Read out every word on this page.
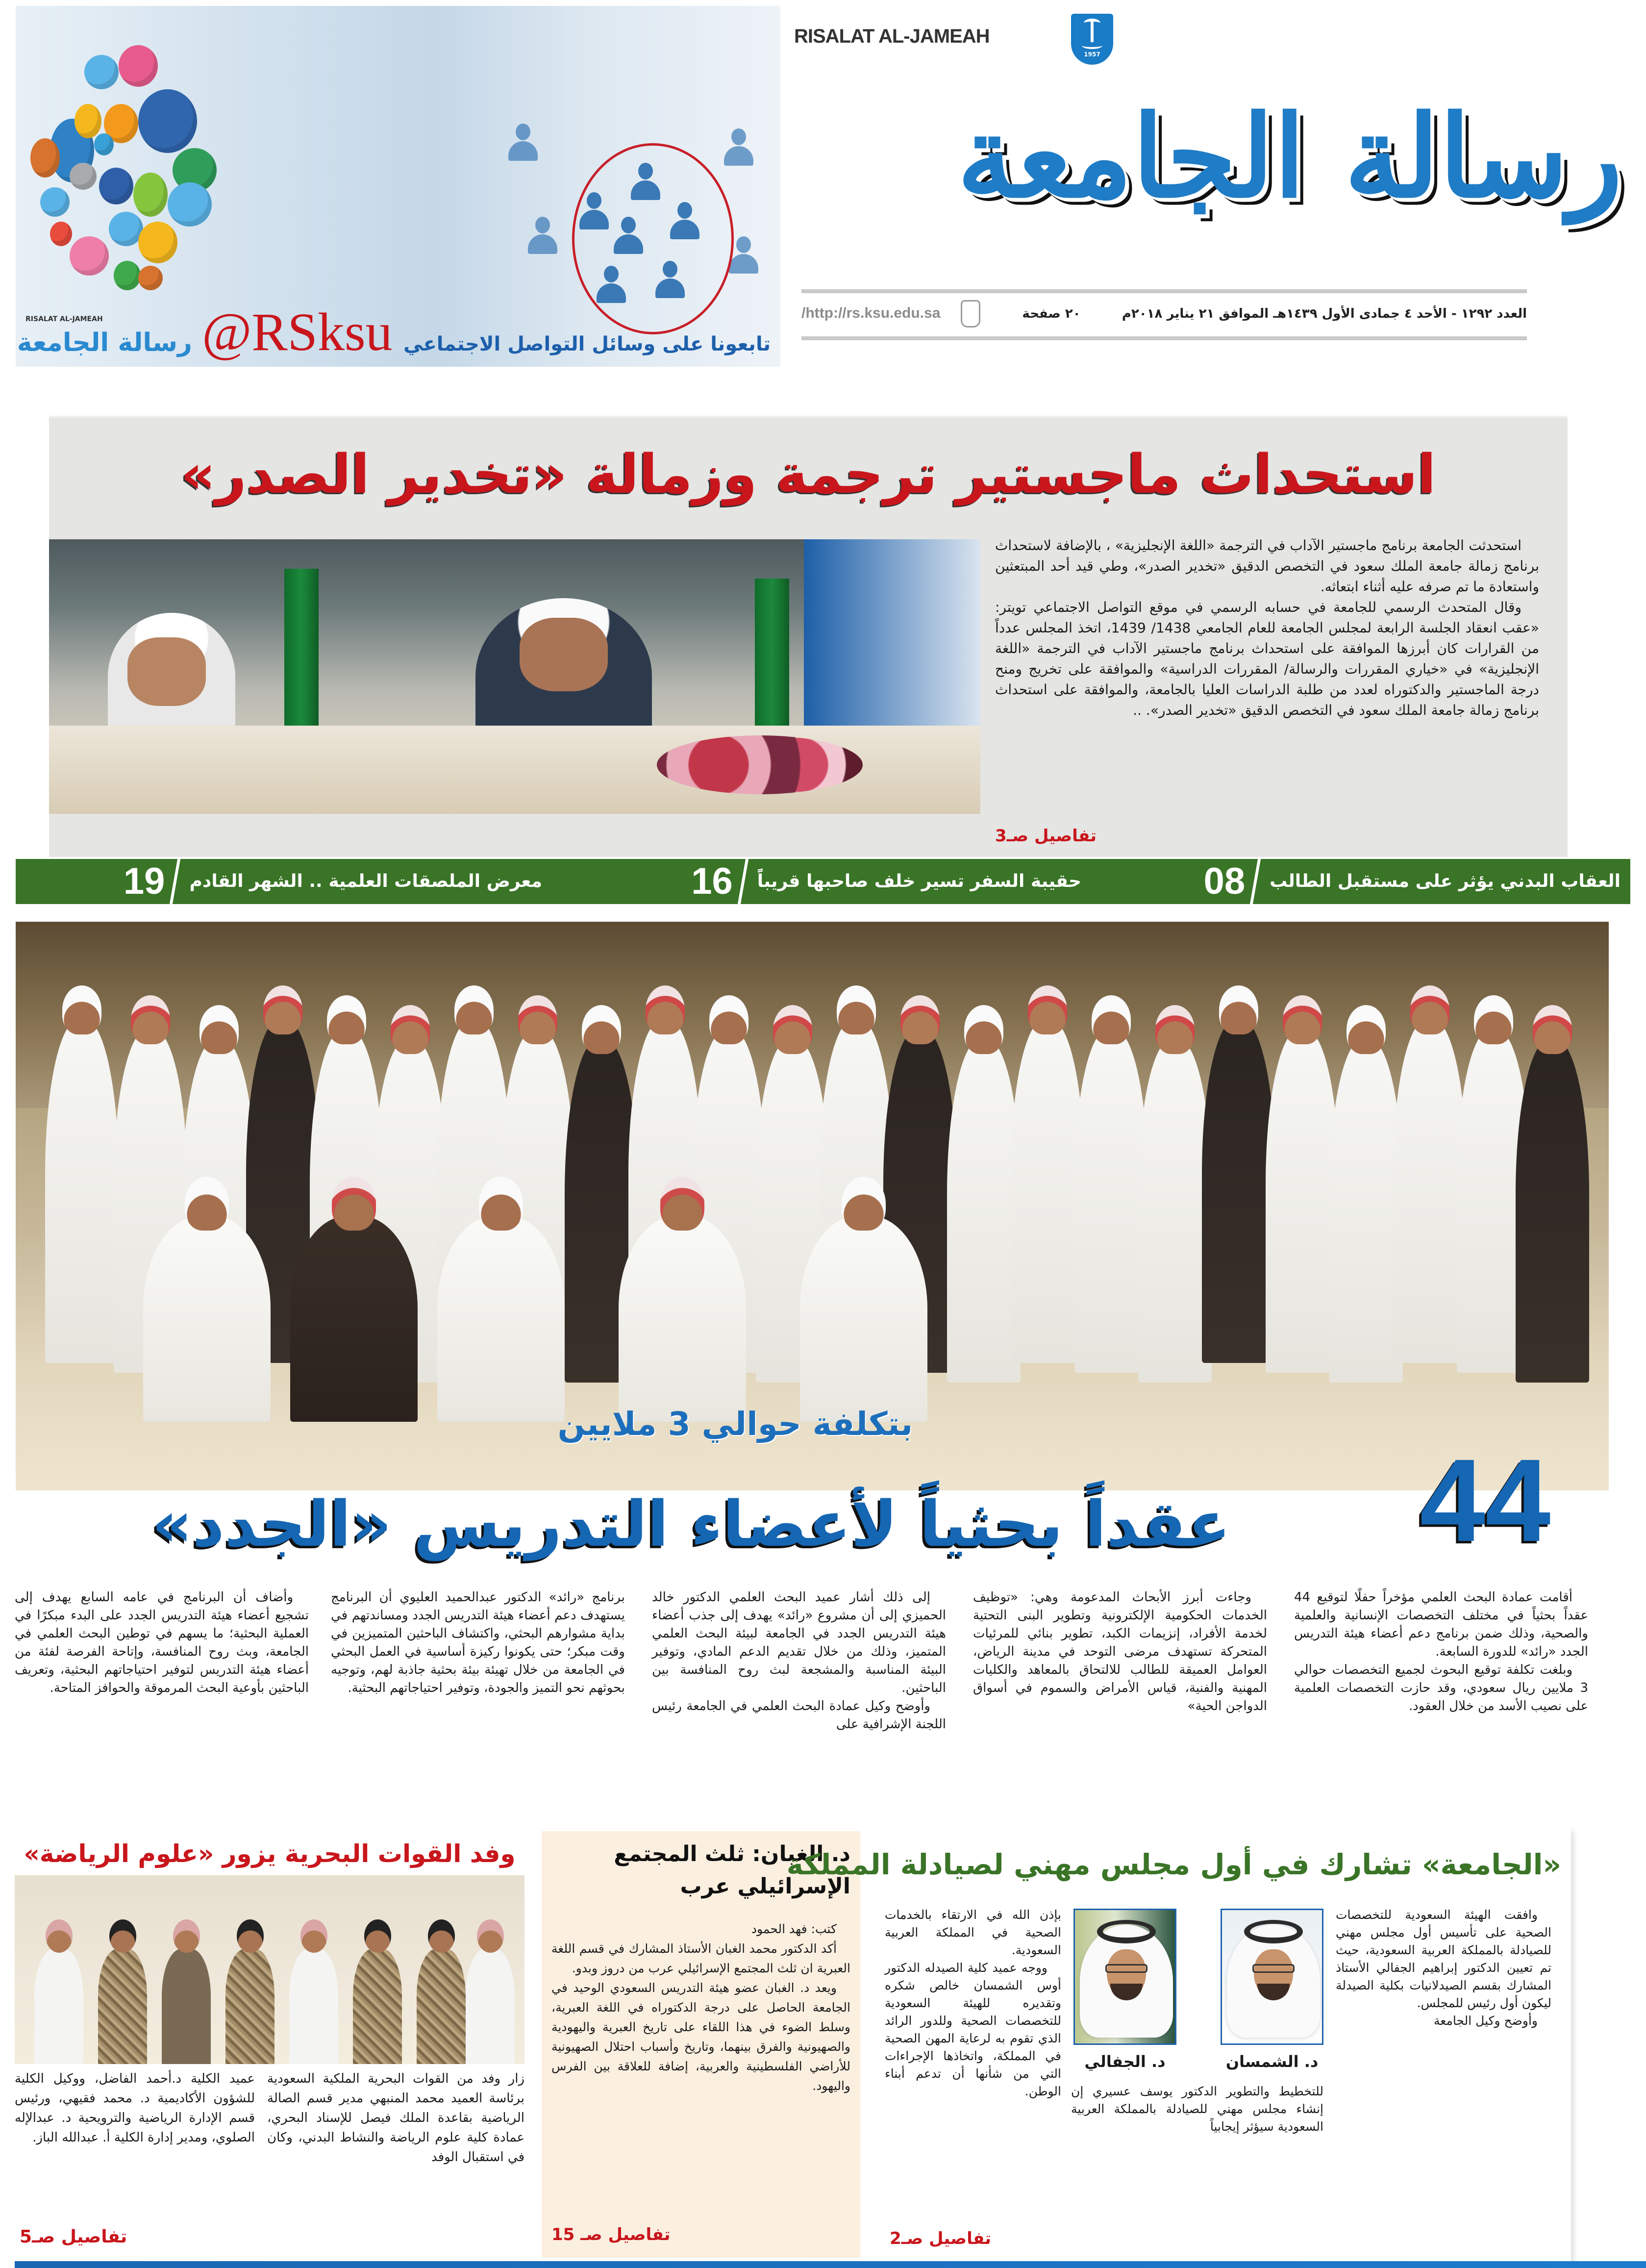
RISALAT AL-JAMEAH
رسالة الجامعة @RSksu تابعونا على وسائل التواصل الاجتماعي
RISALAT AL-JAMEAH
1957
رسالة الجامعة
العدد ١٢٩٢ - الأحد ٤ جمادى الأول ١٤٣٩هـ الموافق ٢١ يناير ٢٠١٨م
٢٠ صفحة
/http://rs.ksu.edu.sa
استحداث ماجستير ترجمة وزمالة «تخدير الصدر»

استحدثت الجامعة برنامج ماجستير الآداب في الترجمة «اللغة الإنجليزية» ، بالإضافة لاستحداث برنامج زمالة جامعة الملك سعود في التخصص الدقيق «تخدير الصدر»، وطي قيد أحد المبتعثين واستعادة ما تم صرفه عليه أثناء ابتعاثه.

وقال المتحدث الرسمي للجامعة في حسابه الرسمي في موقع التواصل الاجتماعي تويتر: «عقب انعقاد الجلسة الرابعة لمجلس الجامعة للعام الجامعي 1438/ 1439، اتخذ المجلس عدداً من القرارات كان أبرزها الموافقة على استحداث برنامج ماجستير الآداب في الترجمة «اللغة الإنجليزية» في «خياري المقررات والرسالة/ المقررات الدراسية» والموافقة على تخريج ومنح درجة الماجستير والدكتوراه لعدد من طلبة الدراسات العليا بالجامعة، والموافقة على استحداث برنامج زمالة جامعة الملك سعود في التخصص الدقيق «تخدير الصدر». ..

تفاصيل صـ3
العقاب البدني يؤثر على مستقبل الطالب
08
حقيبة السفر تسير خلف صاحبها قريباً
16
معرض الملصقات العلمية .. الشهر القادم
19
بتكلفة حوالي 3 ملايين
44
عقداً بحثياً لأعضاء التدريس «الجدد»

أقامت عمادة البحث العلمي مؤخراً حفلًا لتوقيع 44 عقداً بحثياً في مختلف التخصصات الإنسانية والعلمية والصحية، وذلك ضمن برنامج دعم أعضاء هيئة التدريس الجدد «رائد» للدورة السابعة.

وبلغت تكلفة توقيع البحوث لجميع التخصصات حوالي 3 ملايين ريال سعودي، وقد حازت التخصصات العلمية على نصيب الأسد من خلال العقود.

وجاءت أبرز الأبحاث المدعومة وهي: «توظيف الخدمات الحكومية الإلكترونية وتطوير البنى التحتية لخدمة الأفراد، إنزيمات الكبد، تطوير بنائي للمرئيات المتحركة تستهدف مرضى التوحد في مدينة الرياض، العوامل العميقة للطالب للالتحاق بالمعاهد والكليات المهنية والفنية، قياس الأمراض والسموم في أسواق الدواجن الحية»

إلى ذلك أشار عميد البحث العلمي الدكتور خالد الحميزي إلى أن مشروع «رائد» يهدف إلى جذب أعضاء هيئة التدريس الجدد في الجامعة لبيئة البحث العلمي المتميز، وذلك من خلال تقديم الدعم المادي، وتوفير البيئة المناسبة والمشجعة لبث روح المنافسة بين الباحثين.

وأوضح وكيل عمادة البحث العلمي في الجامعة رئيس اللجنة الإشرافية على

برنامج «رائد» الدكتور عبدالحميد العليوي أن البرنامج يستهدف دعم أعضاء هيئة التدريس الجدد ومساندتهم في بداية مشوارهم البحثي، واكتشاف الباحثين المتميزين في وقت مبكر؛ حتى يكونوا ركيزة أساسية في العمل البحثي في الجامعة من خلال تهيئة بيئة بحثية جاذبة لهم، وتوجيه بحوثهم نحو التميز والجودة، وتوفير احتياجاتهم البحثية.

وأضاف أن البرنامج في عامه السابع يهدف إلى تشجيع أعضاء هيئة التدريس الجدد على البدء مبكرًا في العملية البحثية؛ ما يسهم في توطين البحث العلمي في الجامعة، وبث روح المنافسة، وإتاحة الفرصة لفئة من أعضاء هيئة التدريس لتوفير احتياجاتهم البحثية، وتعريف الباحثين بأوعية البحث المرموقة والحوافز المتاحة.

د. الغبان: ثلث المجتمع الإسرائيلي عرب
كتب: فهد الحمود

أكد الدكتور محمد الغبان الأستاذ المشارك في قسم اللغة العبرية ان ثلث المجتمع الإسرائيلي عرب من دروز وبدو.

ويعد د. الغبان عضو هيئة التدريس السعودي الوحيد في الجامعة الحاصل على درجة الدكتوراه في اللغة العبرية، وسلط الضوء في هذا اللقاء على تاريخ العبرية واليهودية والصهيونية والفرق بينهما، وتاريخ وأسباب احتلال الصهيونية للأراضي الفلسطينية والعربية، إضافة للعلاقة بين الفرس واليهود.

تفاصيل صـ 15
«الجامعة» تشارك في أول مجلس مهني لصيادلة المملكة
د. الشمسان
د. الجفالي

وافقت الهيئة السعودية للتخصصات الصحية على تأسيس أول مجلس مهني للصيادلة بالمملكة العربية السعودية، حيث تم تعيين الدكتور إبراهيم الجفالي الأستاذ المشارك بقسم الصيدلانيات بكلية الصيدلة ليكون أول رئيس للمجلس.

وأوضح وكيل الجامعة

للتخطيط والتطوير الدكتور يوسف عسيري إن إنشاء مجلس مهني للصيادلة بالمملكة العربية السعودية سيؤثر إيجابياً

بإذن الله في الارتقاء بالخدمات الصحية في المملكة العربية السعودية.

ووجه عميد كلية الصيدله الدكتور أوس الشمسان خالص شكره وتقديره للهيئة السعودية للتخصصات الصحية وللدور الرائد الذي تقوم به لرعاية المهن الصحية في المملكة، واتخاذها الإجراءات التي من شأنها أن تدعم أبناء الوطن.

تفاصيل صـ2
وفد القوات البحرية يزور «علوم الرياضة»
زار وفد من القوات البحرية الملكية السعودية برئاسة العميد محمد المنبهي مدير قسم الصالة الرياضية بقاعدة الملك فيصل للإسناد البحري، عمادة كلية علوم الرياضة والنشاط البدني، وكان في استقبال الوفد
عميد الكلية د.أحمد الفاضل، ووكيل الكلية للشؤون الأكاديمية د. محمد فقيهي، ورئيس قسم الإدارة الرياضية والترويحية د. عبدالإله الصلوي، ومدير إدارة الكلية أ. عبدالله الباز.
تفاصيل صـ5
